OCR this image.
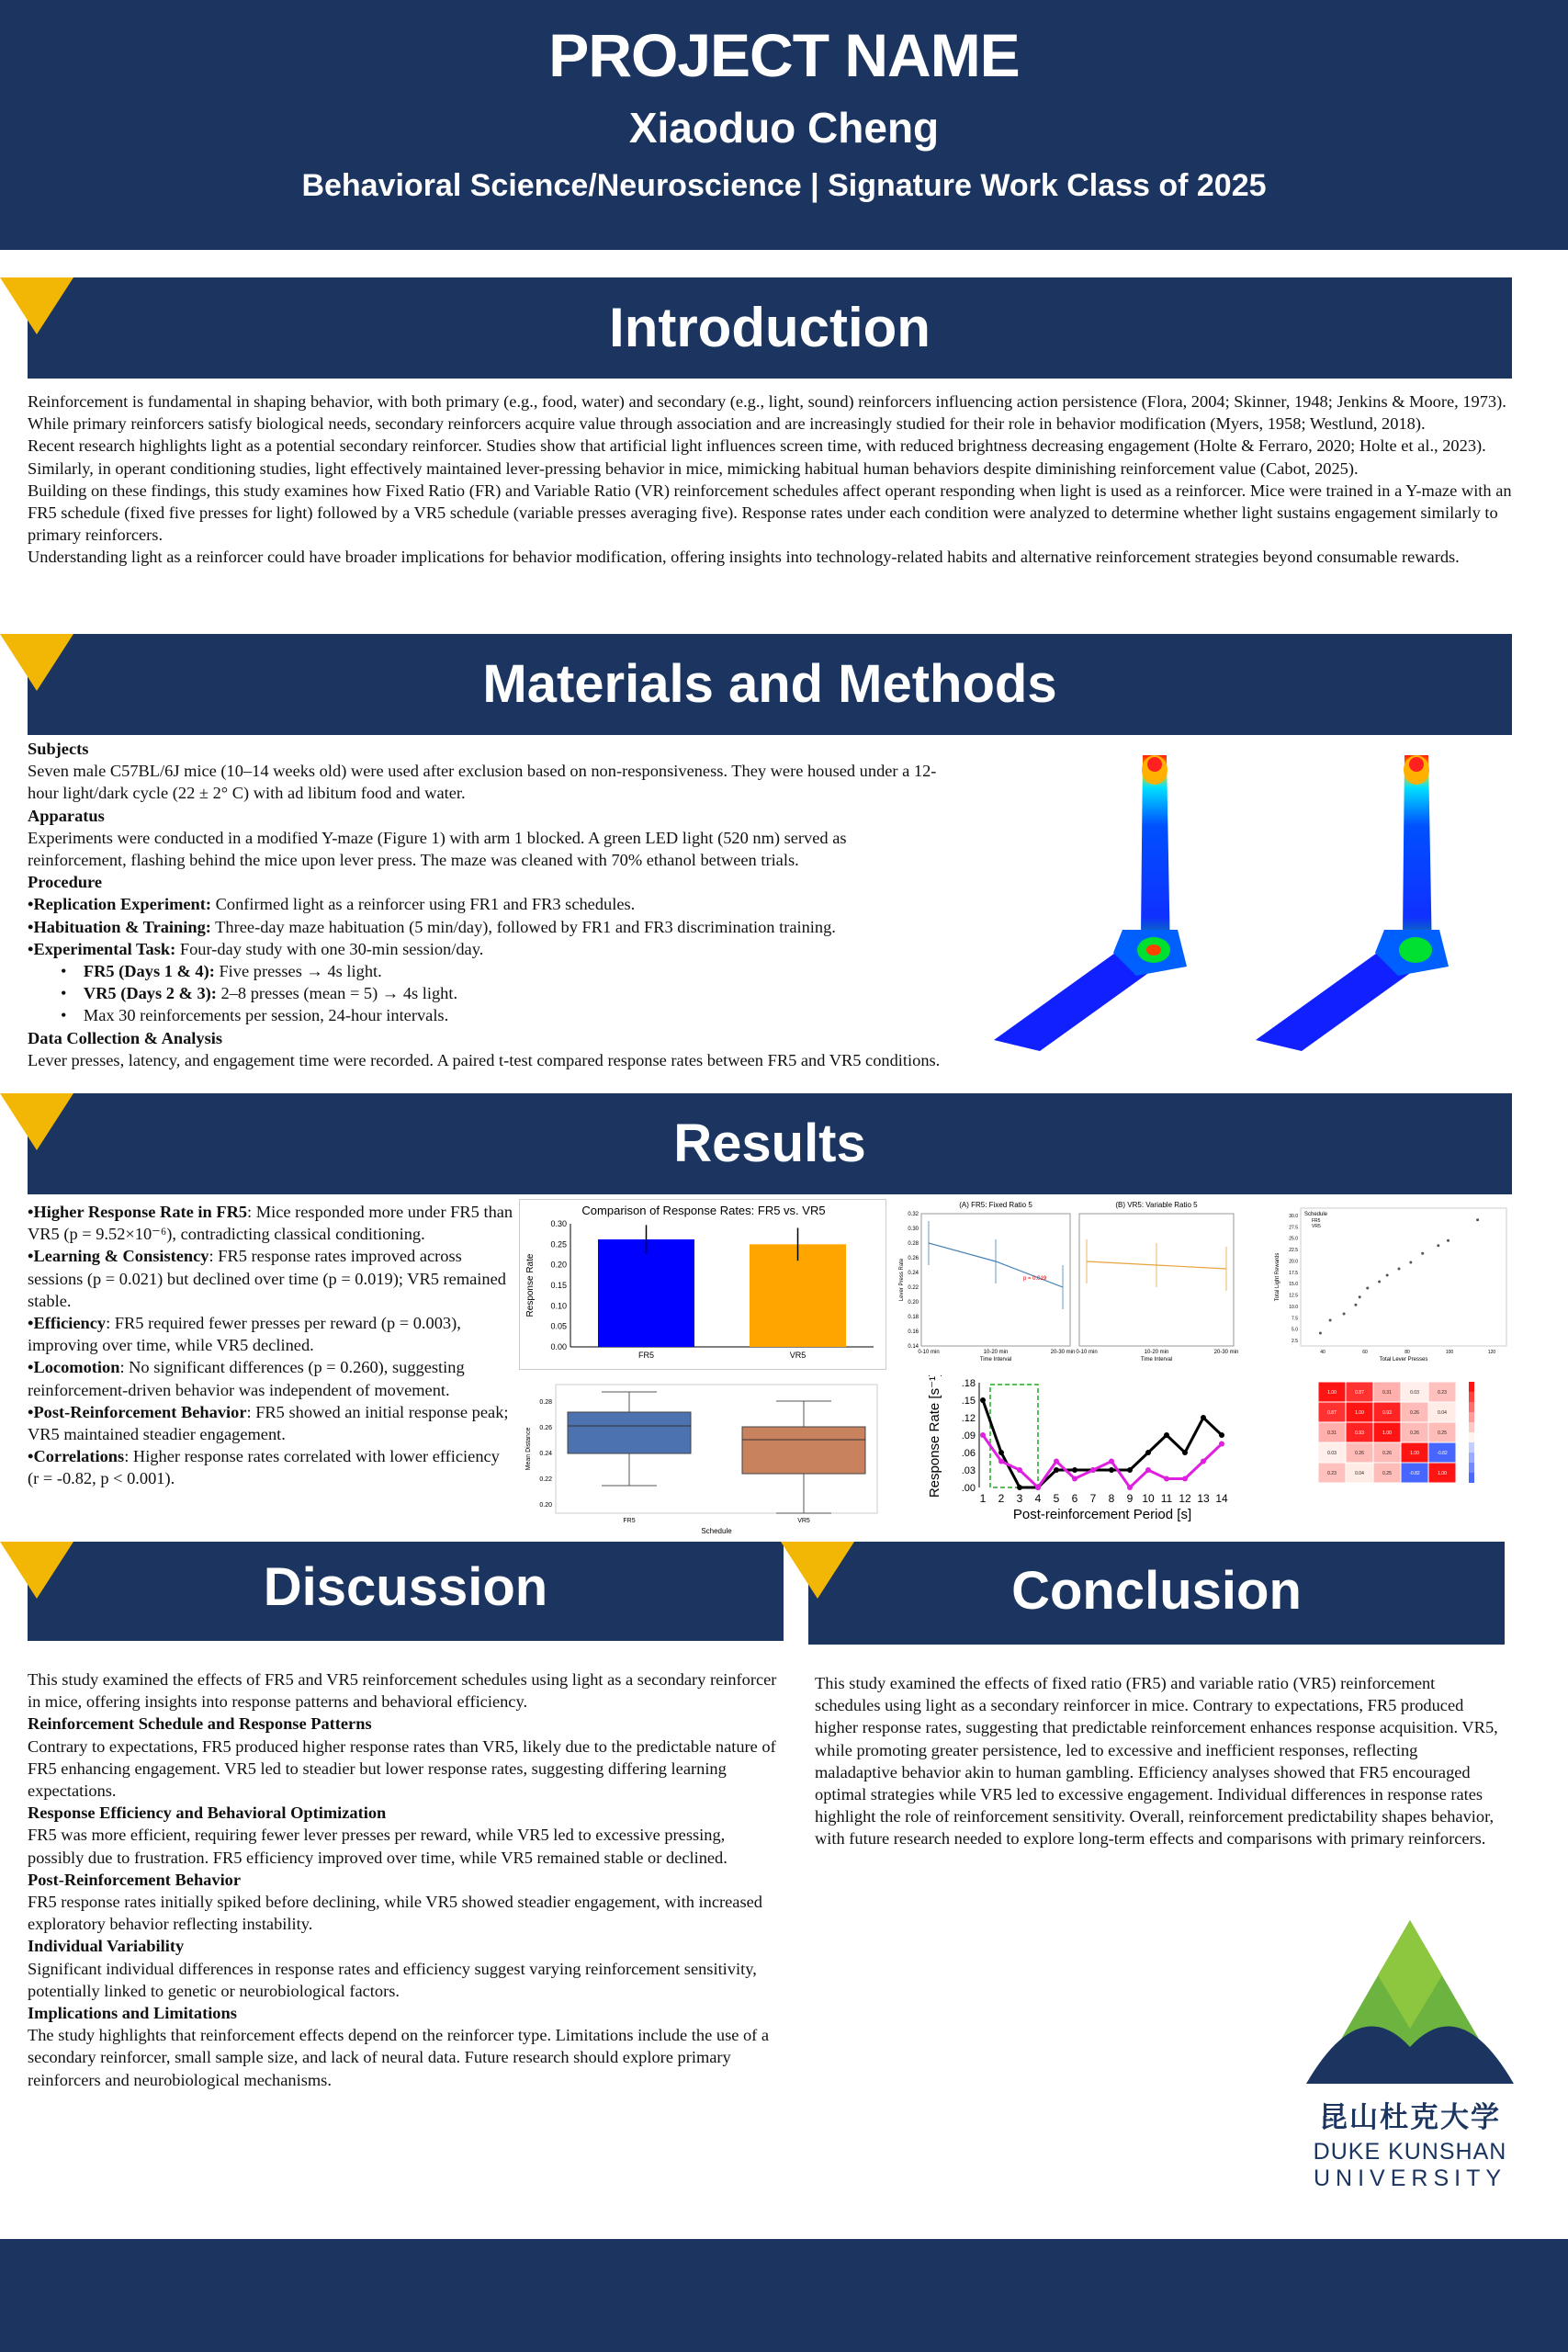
PROJECT NAME
Xiaoduo Cheng
Behavioral Science/Neuroscience | Signature Work Class of 2025
Introduction

Reinforcement is fundamental in shaping behavior, with both primary (e.g., food, water) and secondary (e.g., light, sound) reinforcers influencing action persistence (Flora, 2004; Skinner, 1948; Jenkins & Moore, 1973). While primary reinforcers satisfy biological needs, secondary reinforcers acquire value through association and are increasingly studied for their role in behavior modification (Myers, 1958; Westlund, 2018).

Recent research highlights light as a potential secondary reinforcer. Studies show that artificial light influences screen time, with reduced brightness decreasing engagement (Holte & Ferraro, 2020; Holte et al., 2023). Similarly, in operant conditioning studies, light effectively maintained lever-pressing behavior in mice, mimicking habitual human behaviors despite diminishing reinforcement value (Cabot, 2025).

Building on these findings, this study examines how Fixed Ratio (FR) and Variable Ratio (VR) reinforcement schedules affect operant responding when light is used as a reinforcer. Mice were trained in a Y-maze with an FR5 schedule (fixed five presses for light) followed by a VR5 schedule (variable presses averaging five). Response rates under each condition were analyzed to determine whether light sustains engagement similarly to primary reinforcers.

Understanding light as a reinforcer could have broader implications for behavior modification, offering insights into technology-related habits and alternative reinforcement strategies beyond consumable rewards.

Materials and Methods

Subjects

Seven male C57BL/6J mice (10–14 weeks old) were used after exclusion based on non-responsiveness. They were housed under a 12-hour light/dark cycle (22 ± 2° C) with ad libitum food and water.

Apparatus

Experiments were conducted in a modified Y-maze (Figure 1) with arm 1 blocked. A green LED light (520 nm) served as reinforcement, flashing behind the mice upon lever press. The maze was cleaned with 70% ethanol between trials.

Procedure

•Replication Experiment: Confirmed light as a reinforcer using FR1 and FR3 schedules.

•Habituation & Training: Three-day maze habituation (5 min/day), followed by FR1 and FR3 discrimination training.

•Experimental Task: Four-day study with one 30-min session/day.

•    FR5 (Days 1 & 4): Five presses → 4s light.

•    VR5 (Days 2 & 3): 2–8 presses (mean = 5) → 4s light.

•    Max 30 reinforcements per session, 24-hour intervals.

Data Collection & Analysis

Lever presses, latency, and engagement time were recorded. A paired t-test compared response rates between FR5 and VR5 conditions.

Results

•Higher Response Rate in FR5: Mice responded more under FR5 than VR5 (p = 9.52×10⁻⁶), contradicting classical conditioning.

•Learning & Consistency: FR5 response rates improved across sessions (p = 0.021) but declined over time (p = 0.019); VR5 remained stable.

•Efficiency: FR5 required fewer presses per reward (p = 0.003), improving over time, while VR5 declined.

•Locomotion: No significant differences (p = 0.260), suggesting reinforcement-driven behavior was independent of movement.

•Post-Reinforcement Behavior: FR5 showed an initial response peak; VR5 maintained steadier engagement.

•Correlations: Higher response rates correlated with lower efficiency (r = -0.82, p < 0.001).

Comparison of Response Rates: FR5 vs. VR5
0.00
0.05
0.10
0.15
0.20
0.25
0.30
Response Rate
FR5	VR5
(A) FR5: Fixed Ratio 5
0.32
0.30
0.28
0.26
0.24
0.22
0.20
0.18
0.16
0.14
Lever Press Rate
0-10 min	10-20 min	20-30 min
Time Interval
p = 0.019
(B) VR5: Variable Ratio 5
0-10 min	10-20 min	20-30 min
Time Interval
Schedule
FR5
VR5
30.0
27.5
25.0
22.5
20.0
17.5
15.0
12.5
10.0
7.5
5.0
2.5
40	60	80	100	120
Total Lever Presses
Total Light Rewards
0.28
0.26
0.24
0.22
0.20
Mean Distance
FR5	VR5
Schedule
.18
.15
.12
.09
.06
.03
.00
1 2 3 4 5 6 7 8 9 10 11 12 13 14
Post-reinforcement Period [s]
Response Rate [s⁻¹]	1.00	0.87	0.31	0.03	0.23
0.87	1.00	0.93	0.26	0.04
0.31	0.93	1.00	0.26	0.25
0.03	0.26	0.26	1.00	-0.82
0.23	0.04	0.25	-0.82	1.00
Discussion

This study examined the effects of FR5 and VR5 reinforcement schedules using light as a secondary reinforcer in mice, offering insights into response patterns and behavioral efficiency.

Reinforcement Schedule and Response Patterns

Contrary to expectations, FR5 produced higher response rates than VR5, likely due to the predictable nature of FR5 enhancing engagement. VR5 led to steadier but lower response rates, suggesting differing learning expectations.

Response Efficiency and Behavioral Optimization

FR5 was more efficient, requiring fewer lever presses per reward, while VR5 led to excessive pressing, possibly due to frustration. FR5 efficiency improved over time, while VR5 remained stable or declined.

Post-Reinforcement Behavior

FR5 response rates initially spiked before declining, while VR5 showed steadier engagement, with increased exploratory behavior reflecting instability.

Individual Variability

Significant individual differences in response rates and efficiency suggest varying reinforcement sensitivity, potentially linked to genetic or neurobiological factors.

Implications and Limitations

The study highlights that reinforcement effects depend on the reinforcer type. Limitations include the use of a secondary reinforcer, small sample size, and lack of neural data. Future research should explore primary reinforcers and neurobiological mechanisms.

Conclusion

This study examined the effects of fixed ratio (FR5) and variable ratio (VR5) reinforcement schedules using light as a secondary reinforcer in mice. Contrary to expectations, FR5 produced higher response rates, suggesting that predictable reinforcement enhances response acquisition. VR5, while promoting greater persistence, led to excessive and inefficient responses, reflecting maladaptive behavior akin to human gambling. Efficiency analyses showed that FR5 encouraged optimal strategies while VR5 led to excessive engagement. Individual differences in response rates highlight the role of reinforcement sensitivity. Overall, reinforcement predictability shapes behavior, with future research needed to explore long-term effects and comparisons with primary reinforcers.

昆山杜克大学
DUKE KUNSHAN
UNIVERSITY
